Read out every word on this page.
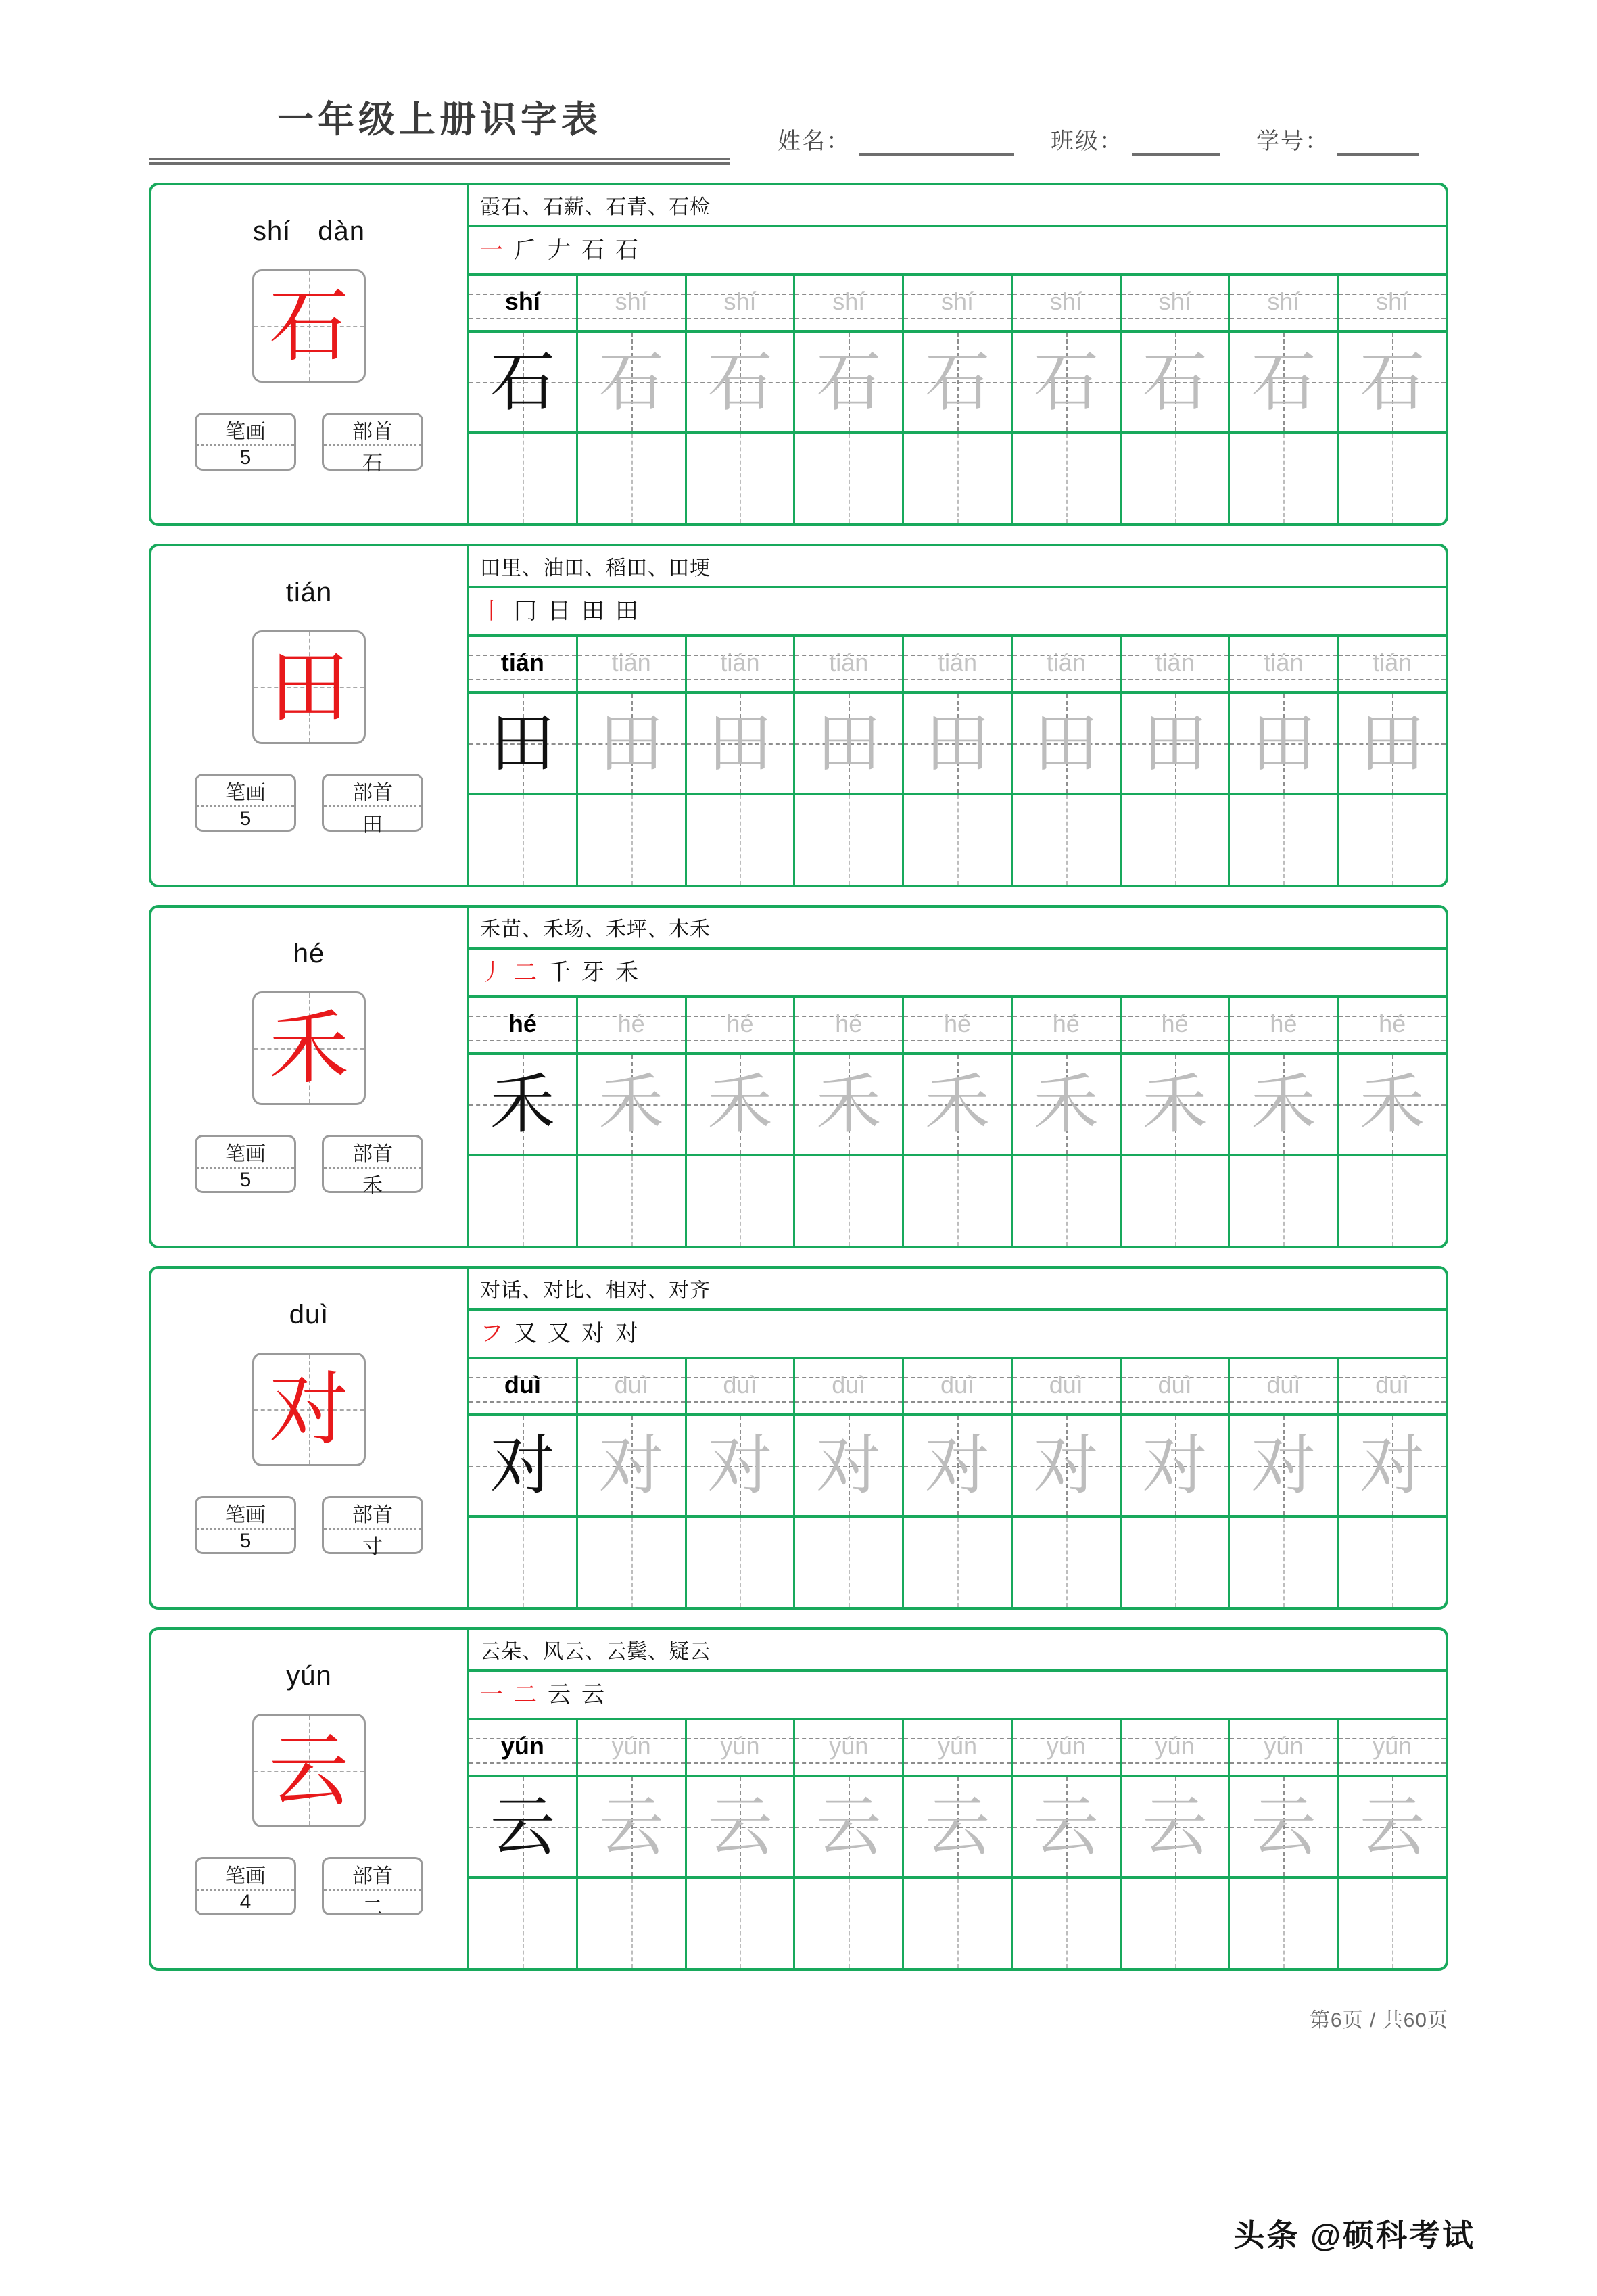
一年级上册识字表
姓名：	班级：	学号：
shí dàn
石
笔画
5
部首
石
霞石、石薪、石青、石检
一 𠂆 𠂇 石 石
shí	shí	shí	shí	shí	shí	shí	shí	shí
石 石 石 石 石 石 石 石 石
tián
田
笔画
5
部首
田
田里、油田、稻田、田埂
丨 冂 日 田 田
tián	tián	tián	tián	tián	tián	tián	tián	tián
田 田 田 田 田 田 田 田 田
hé
禾
笔画
5
部首
禾
禾苗、禾场、禾坪、木禾
丿 二 千 牙 禾
hé	hé	hé	hé	hé	hé	hé	hé	hé
禾 禾 禾 禾 禾 禾 禾 禾 禾
duì
对
笔画
5
部首
寸
对话、对比、相对、对齐
フ 又 又 对 对
duì	duì	duì	duì	duì	duì	duì	duì	duì
对 对 对 对 对 对 对 对 对
yún
云
笔画
4
部首
二
云朵、风云、云鬓、疑云
一 二 云 云
yún	yún	yún	yún	yún	yún	yún	yún	yún
云 云 云 云 云 云 云 云 云
第6页 / 共60页
头条 @硕科考试
